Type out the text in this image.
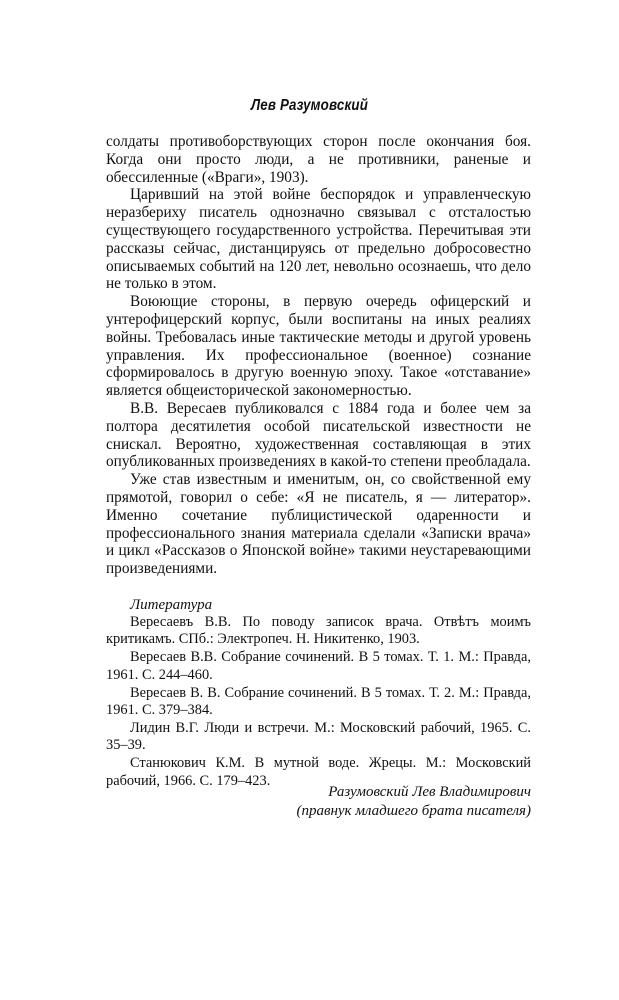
Лев Разумовский

солдаты противоборствующих сторон после окончания боя. Когда они просто люди, а не противники, раненые и обессиленные («Враги», 1903).

Царивший на этой войне беспорядок и управленческую неразбериху писатель однозначно связывал с отсталостью существующего государственного устройства. Перечитывая эти рассказы сейчас, дистанцируясь от предельно добросовестно описываемых событий на 120 лет, невольно осознаешь, что дело не только в этом.

Воюющие стороны, в первую очередь офицерский и унтерофицерский корпус, были воспитаны на иных реалиях войны. Требовалась иные тактические методы и другой уровень управления. Их профессиональное (военное) сознание сформировалось в другую военную эпоху. Такое «отставание» является общеисторической закономерностью.

В.В. Вересаев публиковался с 1884 года и более чем за полтора десятилетия особой писательской известности не снискал. Вероятно, художественная составляющая в этих опубликованных произведениях в какой-то степени преобладала.

Уже став известным и именитым, он, со свойственной ему прямотой, говорил о себе: «Я не писатель, я — литератор». Именно сочетание публицистической одаренности и профессионального знания материала сделали «Записки врача» и цикл «Рассказов о Японской войне» такими неустаревающими произведениями.

Литература

Вересаевъ В.В. По поводу записок врача. Отвѣтъ моимъ критикамъ. СПб.: Электропеч. Н. Никитенко, 1903.

Вересаев В.В. Собрание сочинений. В 5 томах. Т. 1. М.: Правда, 1961. С. 244–460.

Вересаев В. В. Собрание сочинений. В 5 томах. Т. 2. М.: Правда, 1961. С. 379–384.

Лидин В.Г. Люди и встречи. М.: Московский рабочий, 1965. С. 35–39.

Станюкович К.М. В мутной воде. Жрецы. М.: Московский рабочий, 1966. С. 179–423.

Разумовский Лев Владимирович
(правнук младшего брата писателя)
